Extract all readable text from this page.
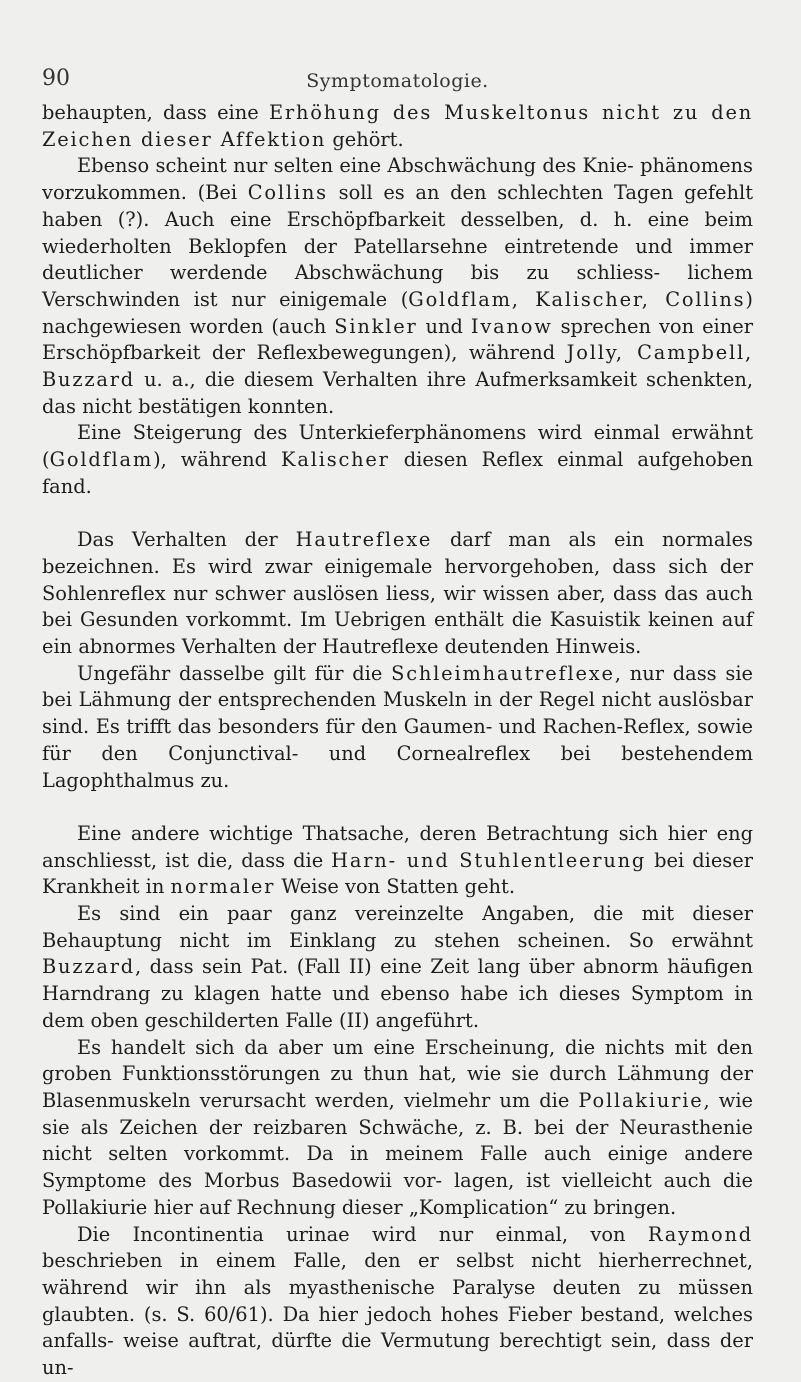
90	Symptomatologie.

behaupten, dass eine Erhöhung des Muskeltonus nicht zu den Zeichen dieser Affektion gehört.

Ebenso scheint nur selten eine Abschwächung des Knie- phänomens vorzukommen. (Bei Collins soll es an den schlechten Tagen gefehlt haben (?). Auch eine Erschöpfbarkeit desselben, d. h. eine beim wiederholten Beklopfen der Patellarsehne eintretende und immer deutlicher werdende Abschwächung bis zu schliess- lichem Verschwinden ist nur einigemale (Goldflam, Kalischer, Collins) nachgewiesen worden (auch Sinkler und Ivanow sprechen von einer Erschöpfbarkeit der Reflexbewegungen), während Jolly, Campbell, Buzzard u. a., die diesem Verhalten ihre Aufmerksamkeit schenkten, das nicht bestätigen konnten.

Eine Steigerung des Unterkieferphänomens wird einmal erwähnt (Goldflam), während Kalischer diesen Reflex einmal aufgehoben fand.

Das Verhalten der Hautreflexe darf man als ein normales bezeichnen. Es wird zwar einigemale hervorgehoben, dass sich der Sohlenreflex nur schwer auslösen liess, wir wissen aber, dass das auch bei Gesunden vorkommt. Im Uebrigen enthält die Kasuistik keinen auf ein abnormes Verhalten der Hautreflexe deutenden Hinweis.

Ungefähr dasselbe gilt für die Schleimhautreflexe, nur dass sie bei Lähmung der entsprechenden Muskeln in der Regel nicht auslösbar sind. Es trifft das besonders für den Gaumen- und Rachen-Reflex, sowie für den Conjunctival- und Cornealreflex bei bestehendem Lagophthalmus zu.

Eine andere wichtige Thatsache, deren Betrachtung sich hier eng anschliesst, ist die, dass die Harn- und Stuhlentleerung bei dieser Krankheit in normaler Weise von Statten geht.

Es sind ein paar ganz vereinzelte Angaben, die mit dieser Behauptung nicht im Einklang zu stehen scheinen. So erwähnt Buzzard, dass sein Pat. (Fall II) eine Zeit lang über abnorm häufigen Harndrang zu klagen hatte und ebenso habe ich dieses Symptom in dem oben geschilderten Falle (II) angeführt.

Es handelt sich da aber um eine Erscheinung, die nichts mit den groben Funktionsstörungen zu thun hat, wie sie durch Lähmung der Blasenmuskeln verursacht werden, vielmehr um die Pollakiurie, wie sie als Zeichen der reizbaren Schwäche, z. B. bei der Neurasthenie nicht selten vorkommt. Da in meinem Falle auch einige andere Symptome des Morbus Basedowii vor- lagen, ist vielleicht auch die Pollakiurie hier auf Rechnung dieser „Komplication“ zu bringen.

Die Incontinentia urinae wird nur einmal, von Raymond beschrieben in einem Falle, den er selbst nicht hierherrechnet, während wir ihn als myasthenische Paralyse deuten zu müssen glaubten. (s. S. 60/61). Da hier jedoch hohes Fieber bestand, welches anfalls- weise auftrat, dürfte die Vermutung berechtigt sein, dass der un-
